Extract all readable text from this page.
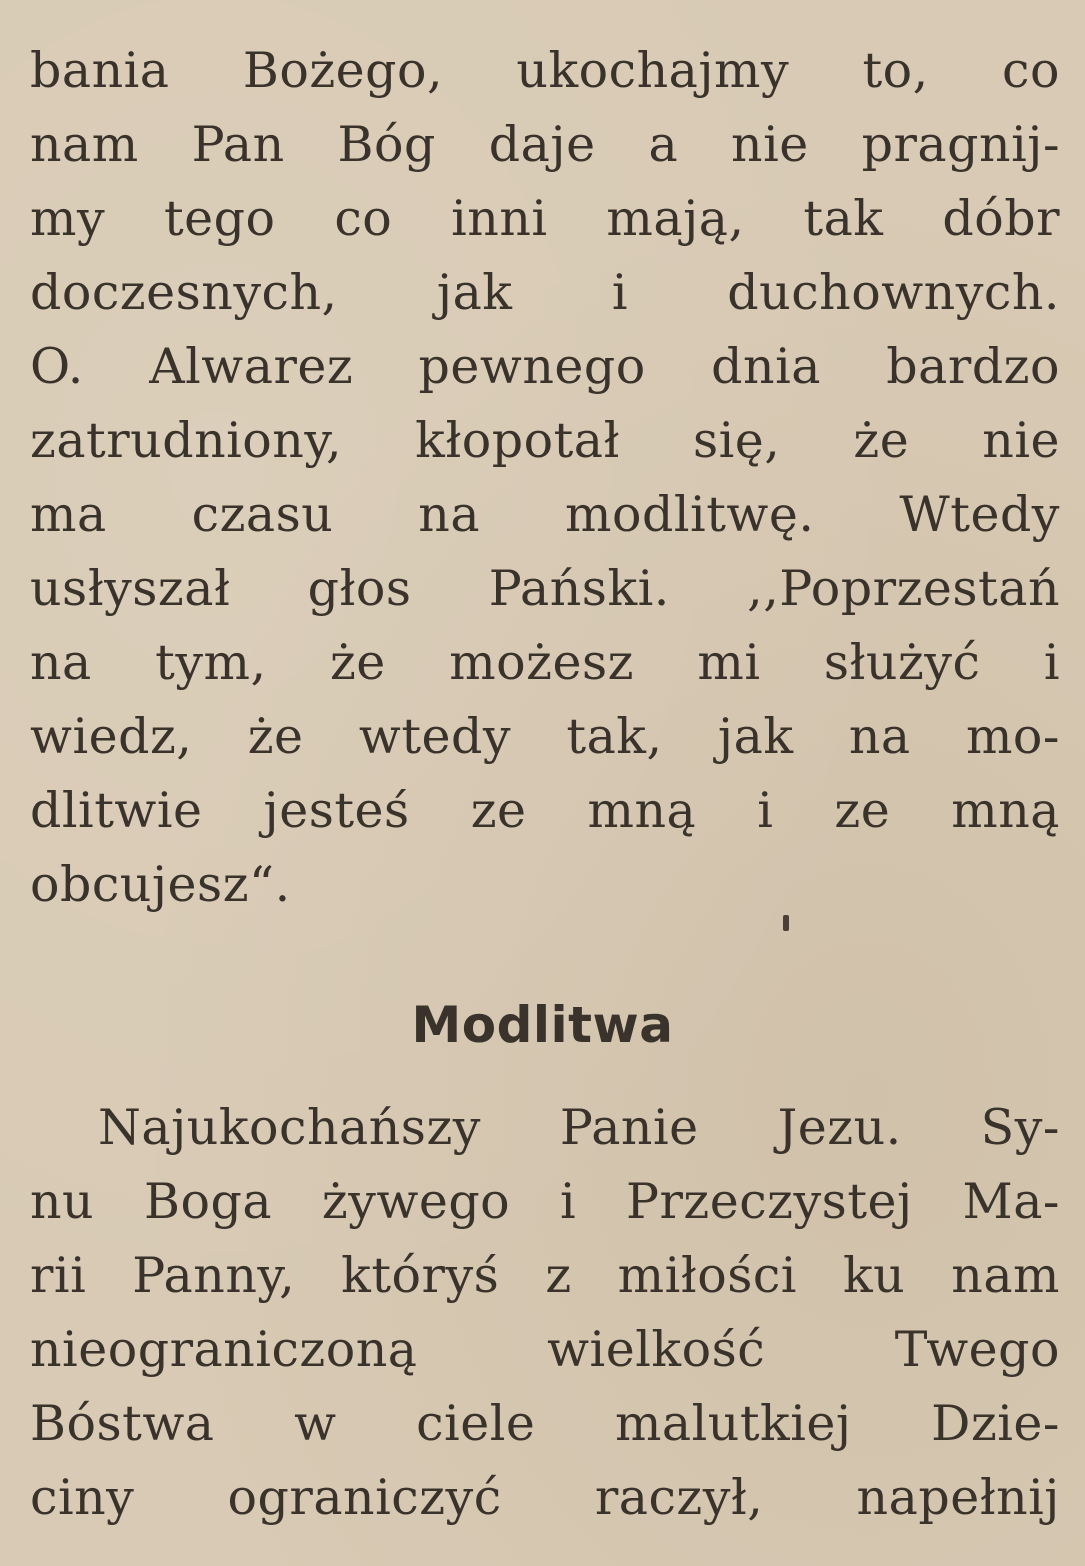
bania Bożego, ukochajmy to, co
nam Pan Bóg daje a nie pragnij-
my tego co inni mają, tak dóbr
doczesnych, jak i duchownych.
O. Alwarez pewnego dnia bardzo
zatrudniony, kłopotał się, że nie
ma czasu na modlitwę. Wtedy
usłyszał głos Pański. ,,Poprzestań
na tym, że możesz mi służyć i
wiedz, że wtedy tak, jak na mo-
dlitwie jesteś ze mną i ze mną
obcujesz“.
Modlitwa
Najukochańszy Panie Jezu. Sy-
nu Boga żywego i Przeczystej Ma-
rii Panny, któryś z miłości ku nam
nieograniczoną wielkość Twego
Bóstwa w ciele malutkiej Dzie-
ciny ograniczyć raczył, napełnij
